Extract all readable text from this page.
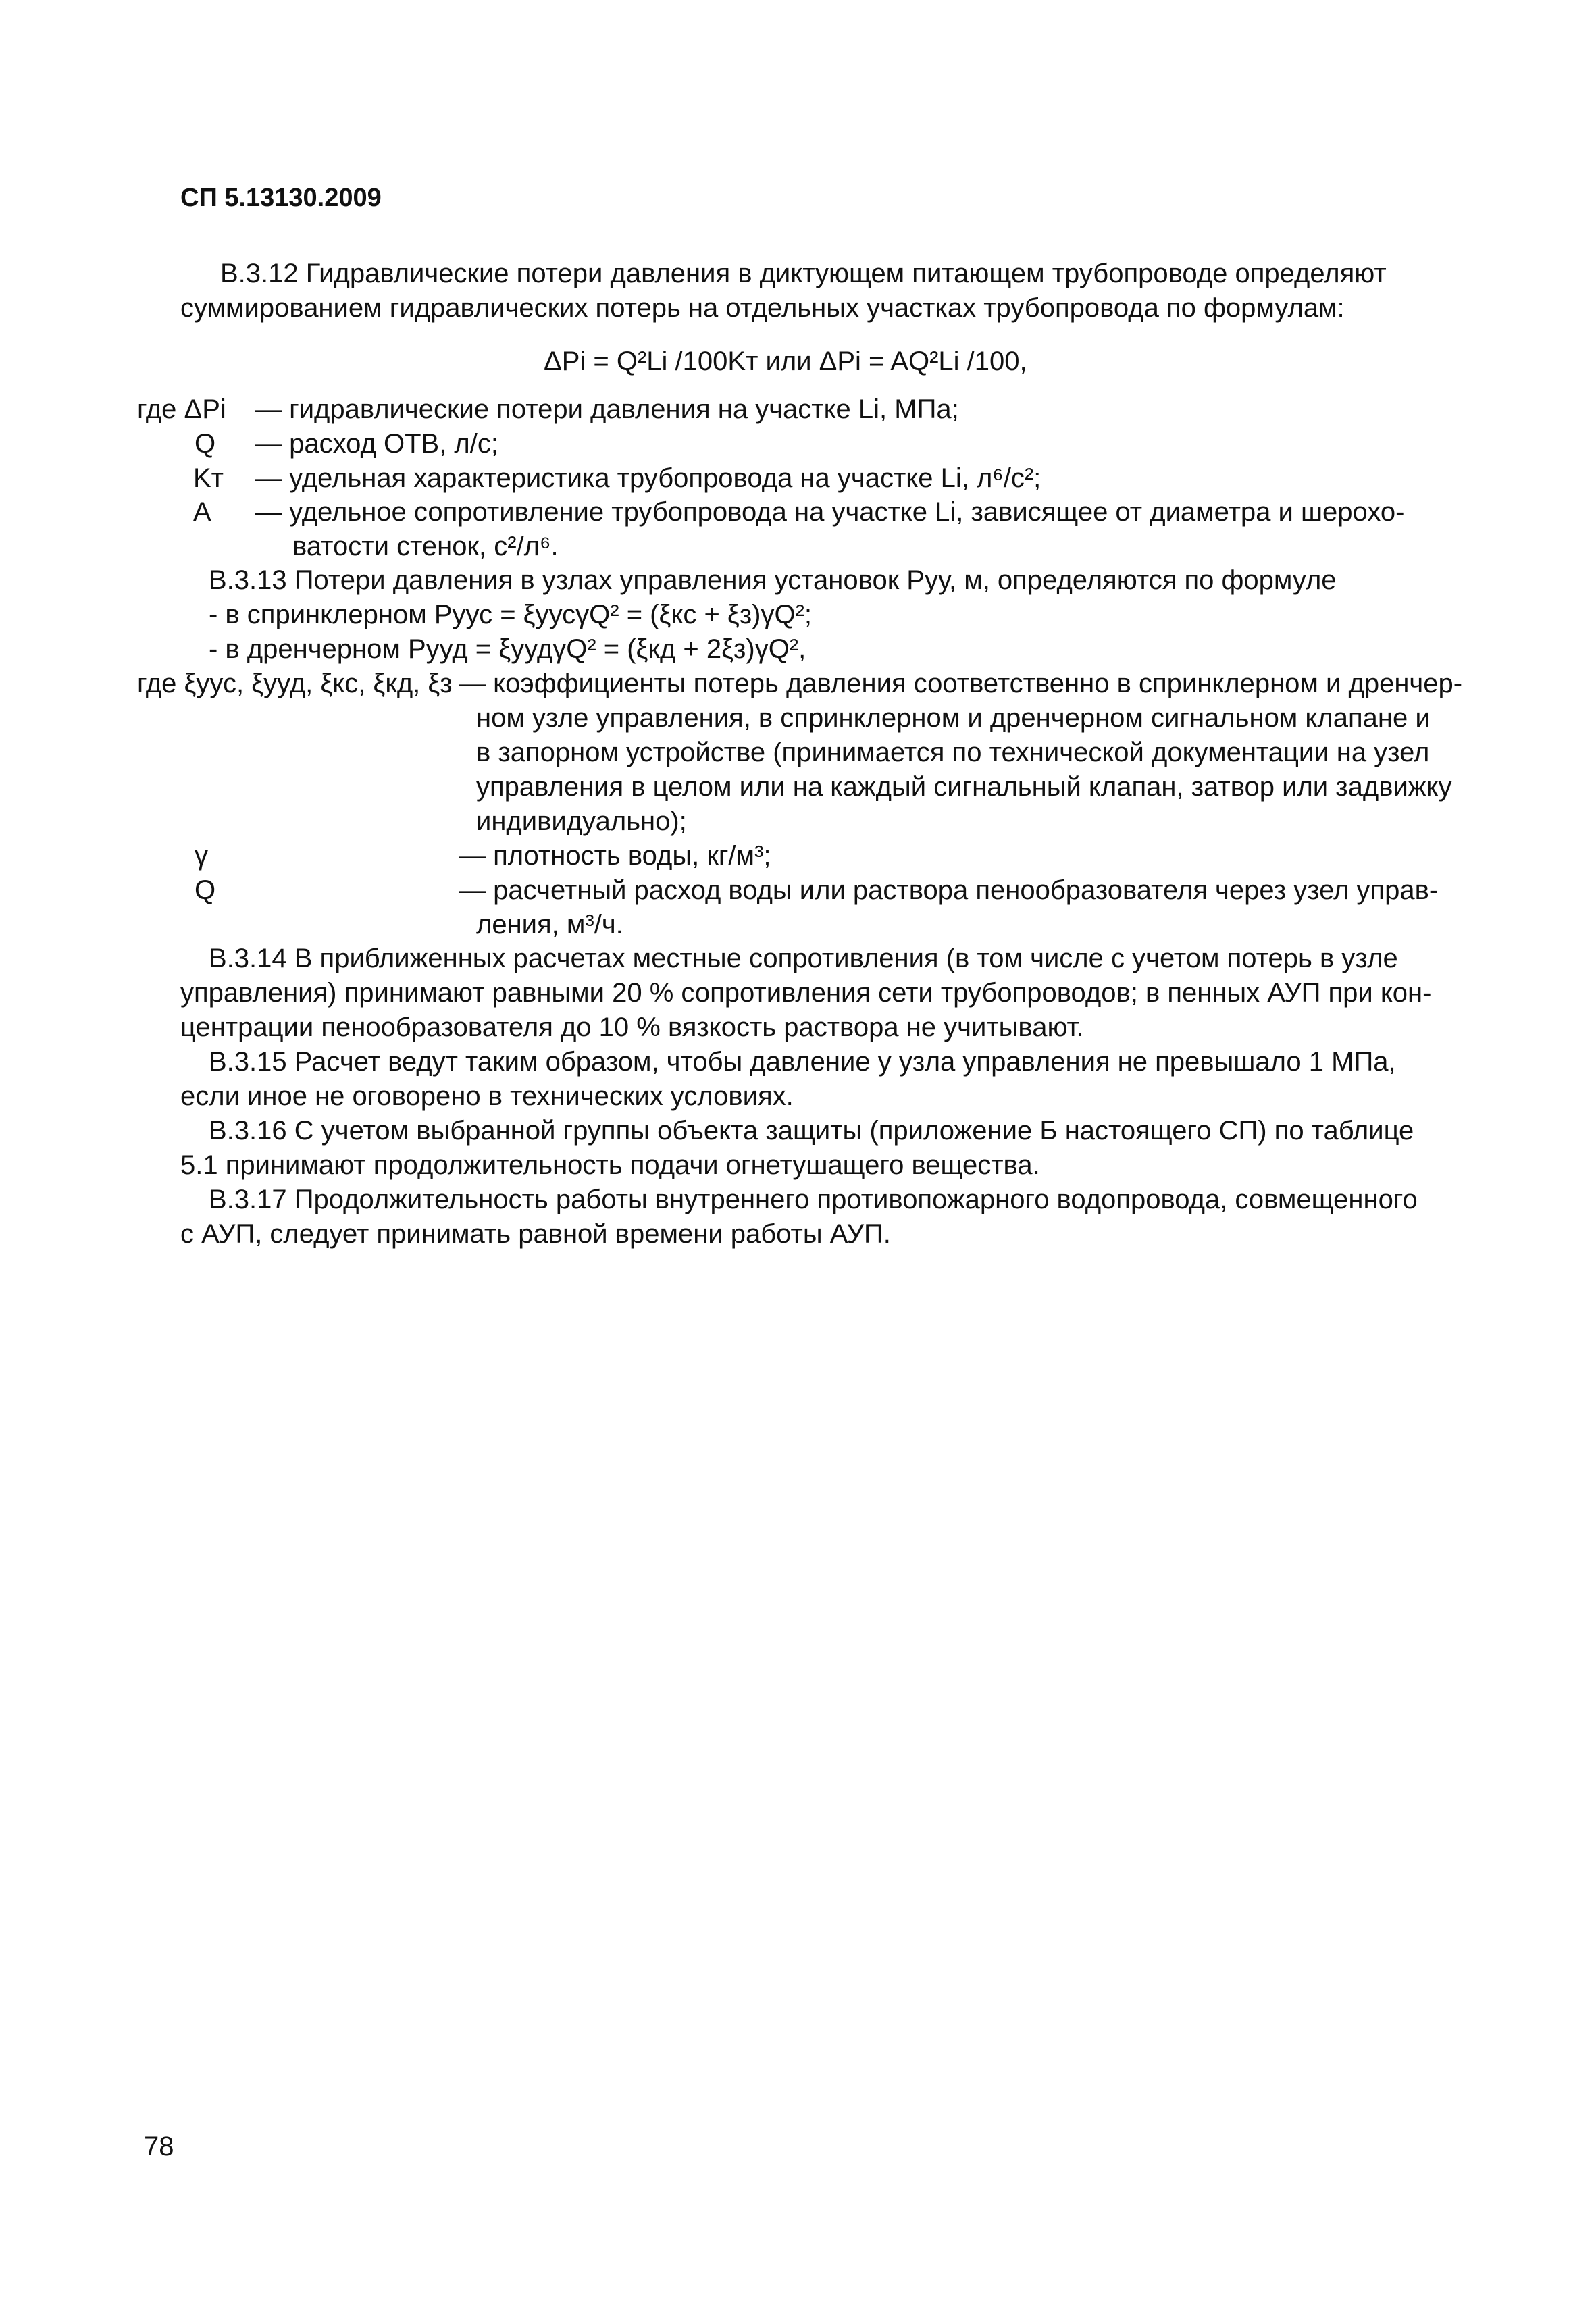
СП 5.13130.2009
В.3.12 Гидравлические потери давления в диктующем питающем трубопроводе определяют
суммированием гидравлических потерь на отдельных участках трубопровода по формулам:
ΔPi = Q²Li /100Kт или ΔPi = AQ²Li /100,
где ΔPi — гидравлические потери давления на участке Li, МПа;
Q — расход ОТВ, л/с;
Kт — удельная характеристика трубопровода на участке Li, л⁶/с²;
A — удельное сопротивление трубопровода на участке Li, зависящее от диаметра и шерохо-
ватости стенок, с²/л⁶.
В.3.13 Потери давления в узлах управления установок Pуу, м, определяются по формуле
- в спринклерном Pуус = ξуусγQ² = (ξкс + ξз)γQ²;
- в дренчерном Pууд = ξуудγQ² = (ξкд + 2ξз)γQ²,
где ξуус, ξууд, ξкс, ξкд, ξз — коэффициенты потерь давления соответственно в спринклерном и дренчер-
ном узле управления, в спринклерном и дренчерном сигнальном клапане и
в запорном устройстве (принимается по технической документации на узел
управления в целом или на каждый сигнальный клапан, затвор или задвижку
индивидуально);
γ	— плотность воды, кг/м³;
Q	— расчетный расход воды или раствора пенообразователя через узел управ-
ления, м³/ч.
В.3.14 В приближенных расчетах местные сопротивления (в том числе с учетом потерь в узле
управления) принимают равными 20 % сопротивления сети трубопроводов; в пенных АУП при кон-
центрации пенообразователя до 10 % вязкость раствора не учитывают.
В.3.15 Расчет ведут таким образом, чтобы давление у узла управления не превышало 1 МПа,
если иное не оговорено в технических условиях.
В.3.16 С учетом выбранной группы объекта защиты (приложение Б настоящего СП) по таблице
5.1 принимают продолжительность подачи огнетушащего вещества.
В.3.17 Продолжительность работы внутреннего противопожарного водопровода, совмещенного
с АУП, следует принимать равной времени работы АУП.
78
